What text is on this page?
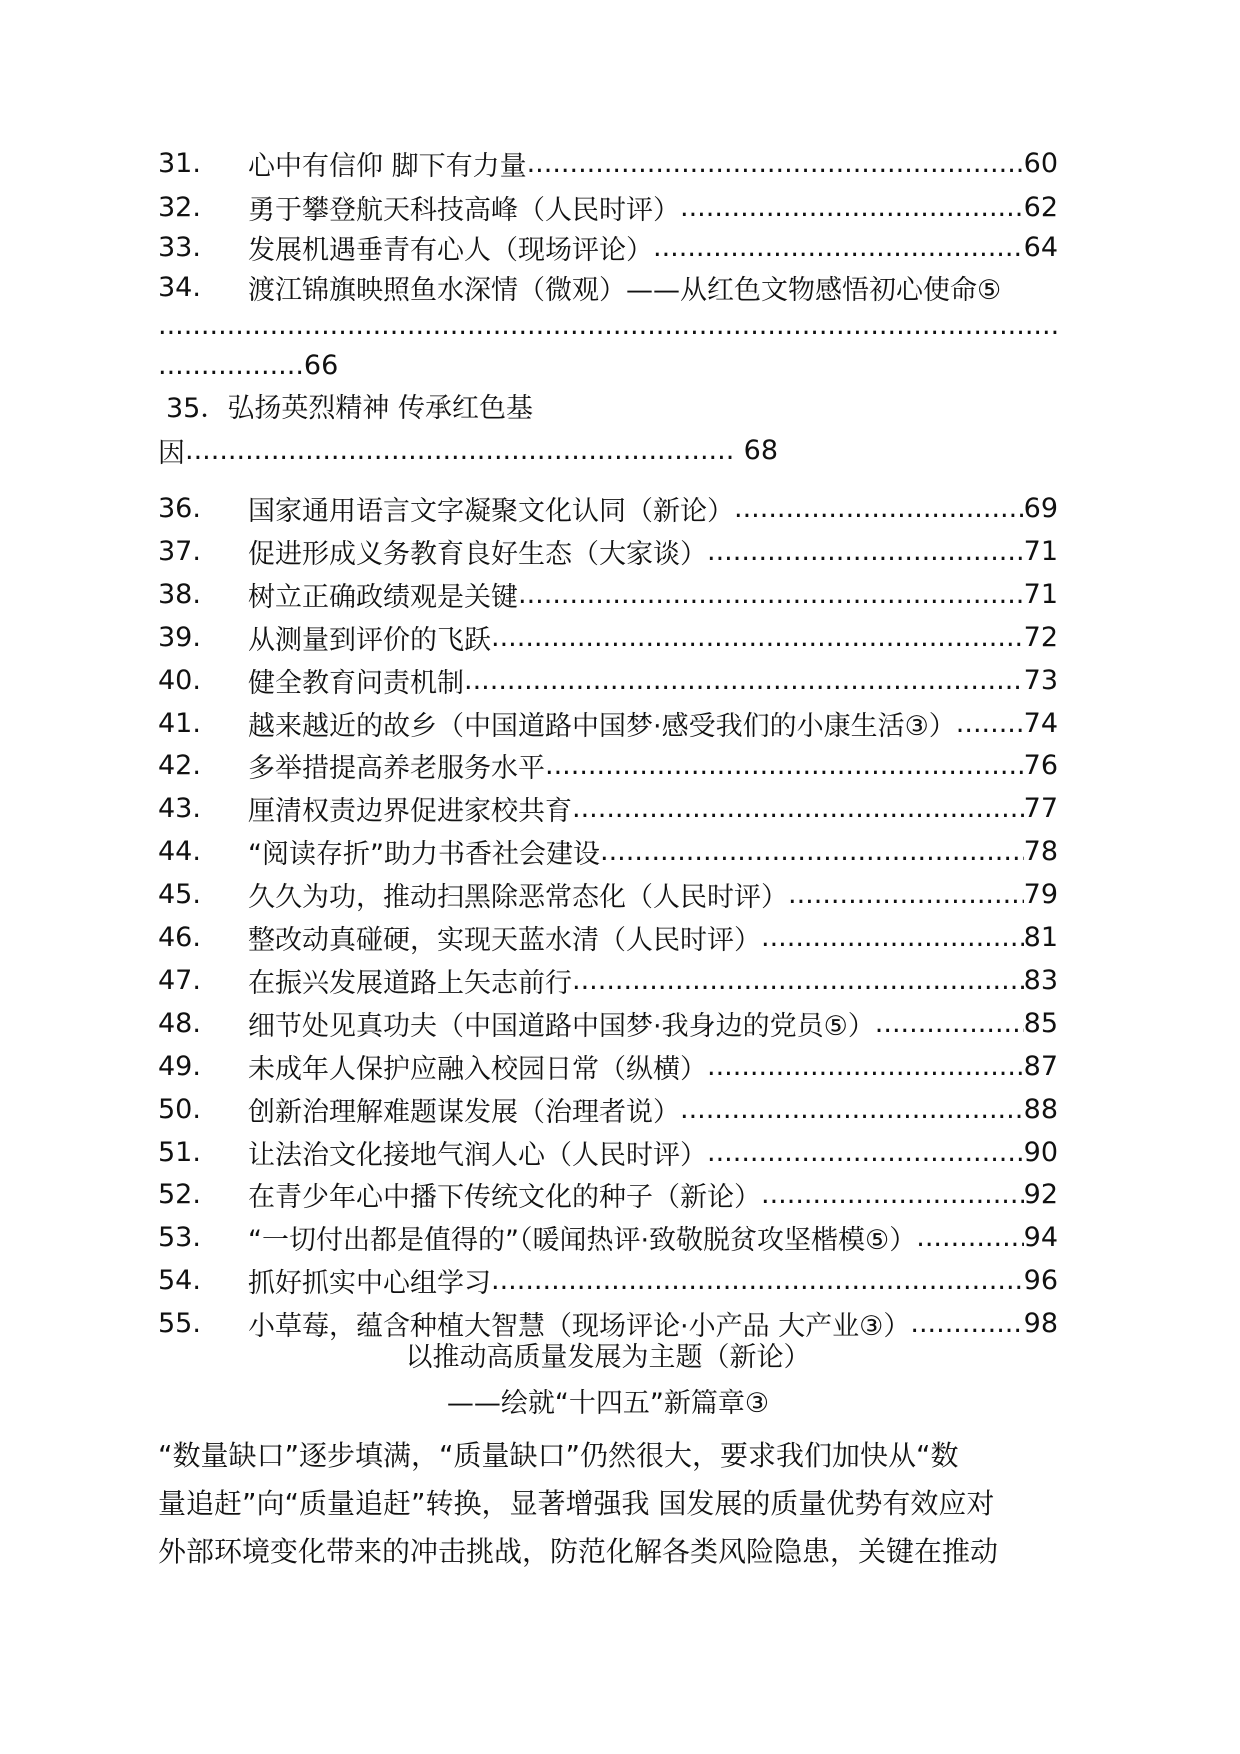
31.	心中有信仰 脚下有力量 .....	60
32.	勇于攀登航天科技高峰（人民时评） .....	62
33.	发展机遇垂青有心人（现场评论） .....	64
34.	渡江锦旗映照鱼水深情（微观）——从红色文物感悟初心使命⑤
.....
.................66
35．弘扬英烈精神 传承红色基
因 .....	68
36.	国家通用语言文字凝聚文化认同（新论） .....	69
37.	促进形成义务教育良好生态（大家谈） .....	71
38.	树立正确政绩观是关键 .....	71
39.	从测量到评价的飞跃 .....	72
40.	健全教育问责机制 .....	73
41.	越来越近的故乡（中国道路中国梦·感受我们的小康生活③） .....	74
42.	多举措提高养老服务水平 .....	76
43.	厘清权责边界促进家校共育 .....	77
44.	“阅读存折”助力书香社会建设 .....	78
45.	久久为功，推动扫黑除恶常态化（人民时评） .....	79
46.	整改动真碰硬，实现天蓝水清（人民时评） .....	81
47.	在振兴发展道路上矢志前行 .....	83
48.	细节处见真功夫（中国道路中国梦·我身边的党员⑤） .....	85
49.	未成年人保护应融入校园日常（纵横） .....	87
50.	创新治理解难题谋发展（治理者说） .....	88
51.	让法治文化接地气润人心（人民时评） .....	90
52.	在青少年心中播下传统文化的种子（新论） .....	92
53.	“一切付出都是值得的”（暖闻热评·致敬脱贫攻坚楷模⑤） .....	94
54.	抓好抓实中心组学习 .....	96
55.	小草莓，蕴含种植大智慧（现场评论·小产品 大产业③） .....	98
以推动高质量发展为主题（新论）
——绘就“十四五”新篇章③
“数量缺口”逐步填满，“质量缺口”仍然很大，要求我们加快从“数
量追赶”向“质量追赶”转换，显著增强我 国发展的质量优势有效应对
外部环境变化带来的冲击挑战，防范化解各类风险隐患，关键在推动
